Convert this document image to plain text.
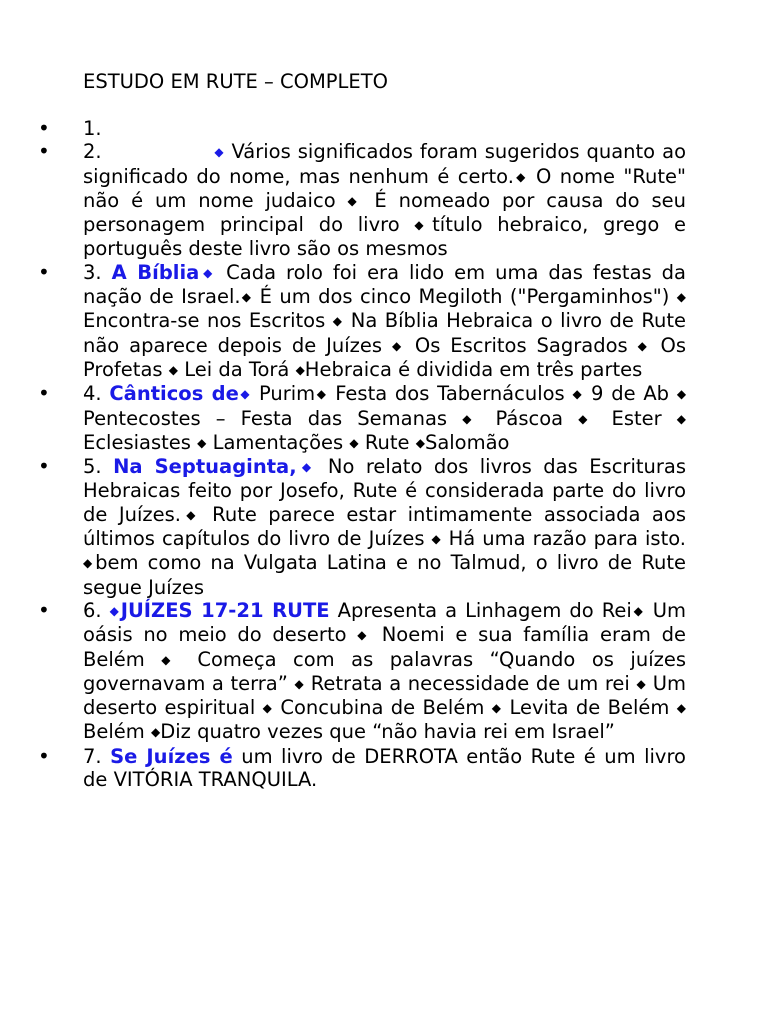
ESTUDO EM RUTE – COMPLETO
• 1.
• 2.	◆ Vários significados foram sugeridos quanto ao significado do nome, mas nenhum é certo.◆ O nome "Rute" não é um nome judaico ◆ É nomeado por causa do seu personagem principal do livro ◆título hebraico, grego e português deste livro são os mesmos
• 3. A Bíblia◆ Cada rolo foi era lido em uma das festas da nação de Israel.◆ É um dos cinco Megiloth ("Pergaminhos") ◆ Encontra-se nos Escritos ◆ Na Bíblia Hebraica o livro de Rute não aparece depois de Juízes ◆ Os Escritos Sagrados ◆ Os Profetas ◆ Lei da Torá ◆Hebraica é dividida em três partes
• 4. Cânticos de◆ Purim◆ Festa dos Tabernáculos ◆ 9 de Ab ◆ Pentecostes – Festa das Semanas ◆ Páscoa ◆ Ester ◆ Eclesiastes ◆ Lamentações ◆ Rute ◆Salomão
• 5. Na Septuaginta,◆ No relato dos livros das Escrituras Hebraicas feito por Josefo, Rute é considerada parte do livro de Juízes.◆ Rute parece estar intimamente associada aos últimos capítulos do livro de Juízes ◆ Há uma razão para isto. ◆bem como na Vulgata Latina e no Talmud, o livro de Rute segue Juízes
• 6. ◆JUÍZES 17-21 RUTE Apresenta a Linhagem do Rei◆ Um oásis no meio do deserto ◆ Noemi e sua família eram de Belém ◆ Começa com as palavras “Quando os juízes governavam a terra” ◆ Retrata a necessidade de um rei ◆ Um deserto espiritual ◆ Concubina de Belém ◆ Levita de Belém ◆ Belém ◆Diz quatro vezes que “não havia rei em Israel”
• 7. Se Juízes é um livro de DERROTA então Rute é um livro de VITÓRIA TRANQUILA.
